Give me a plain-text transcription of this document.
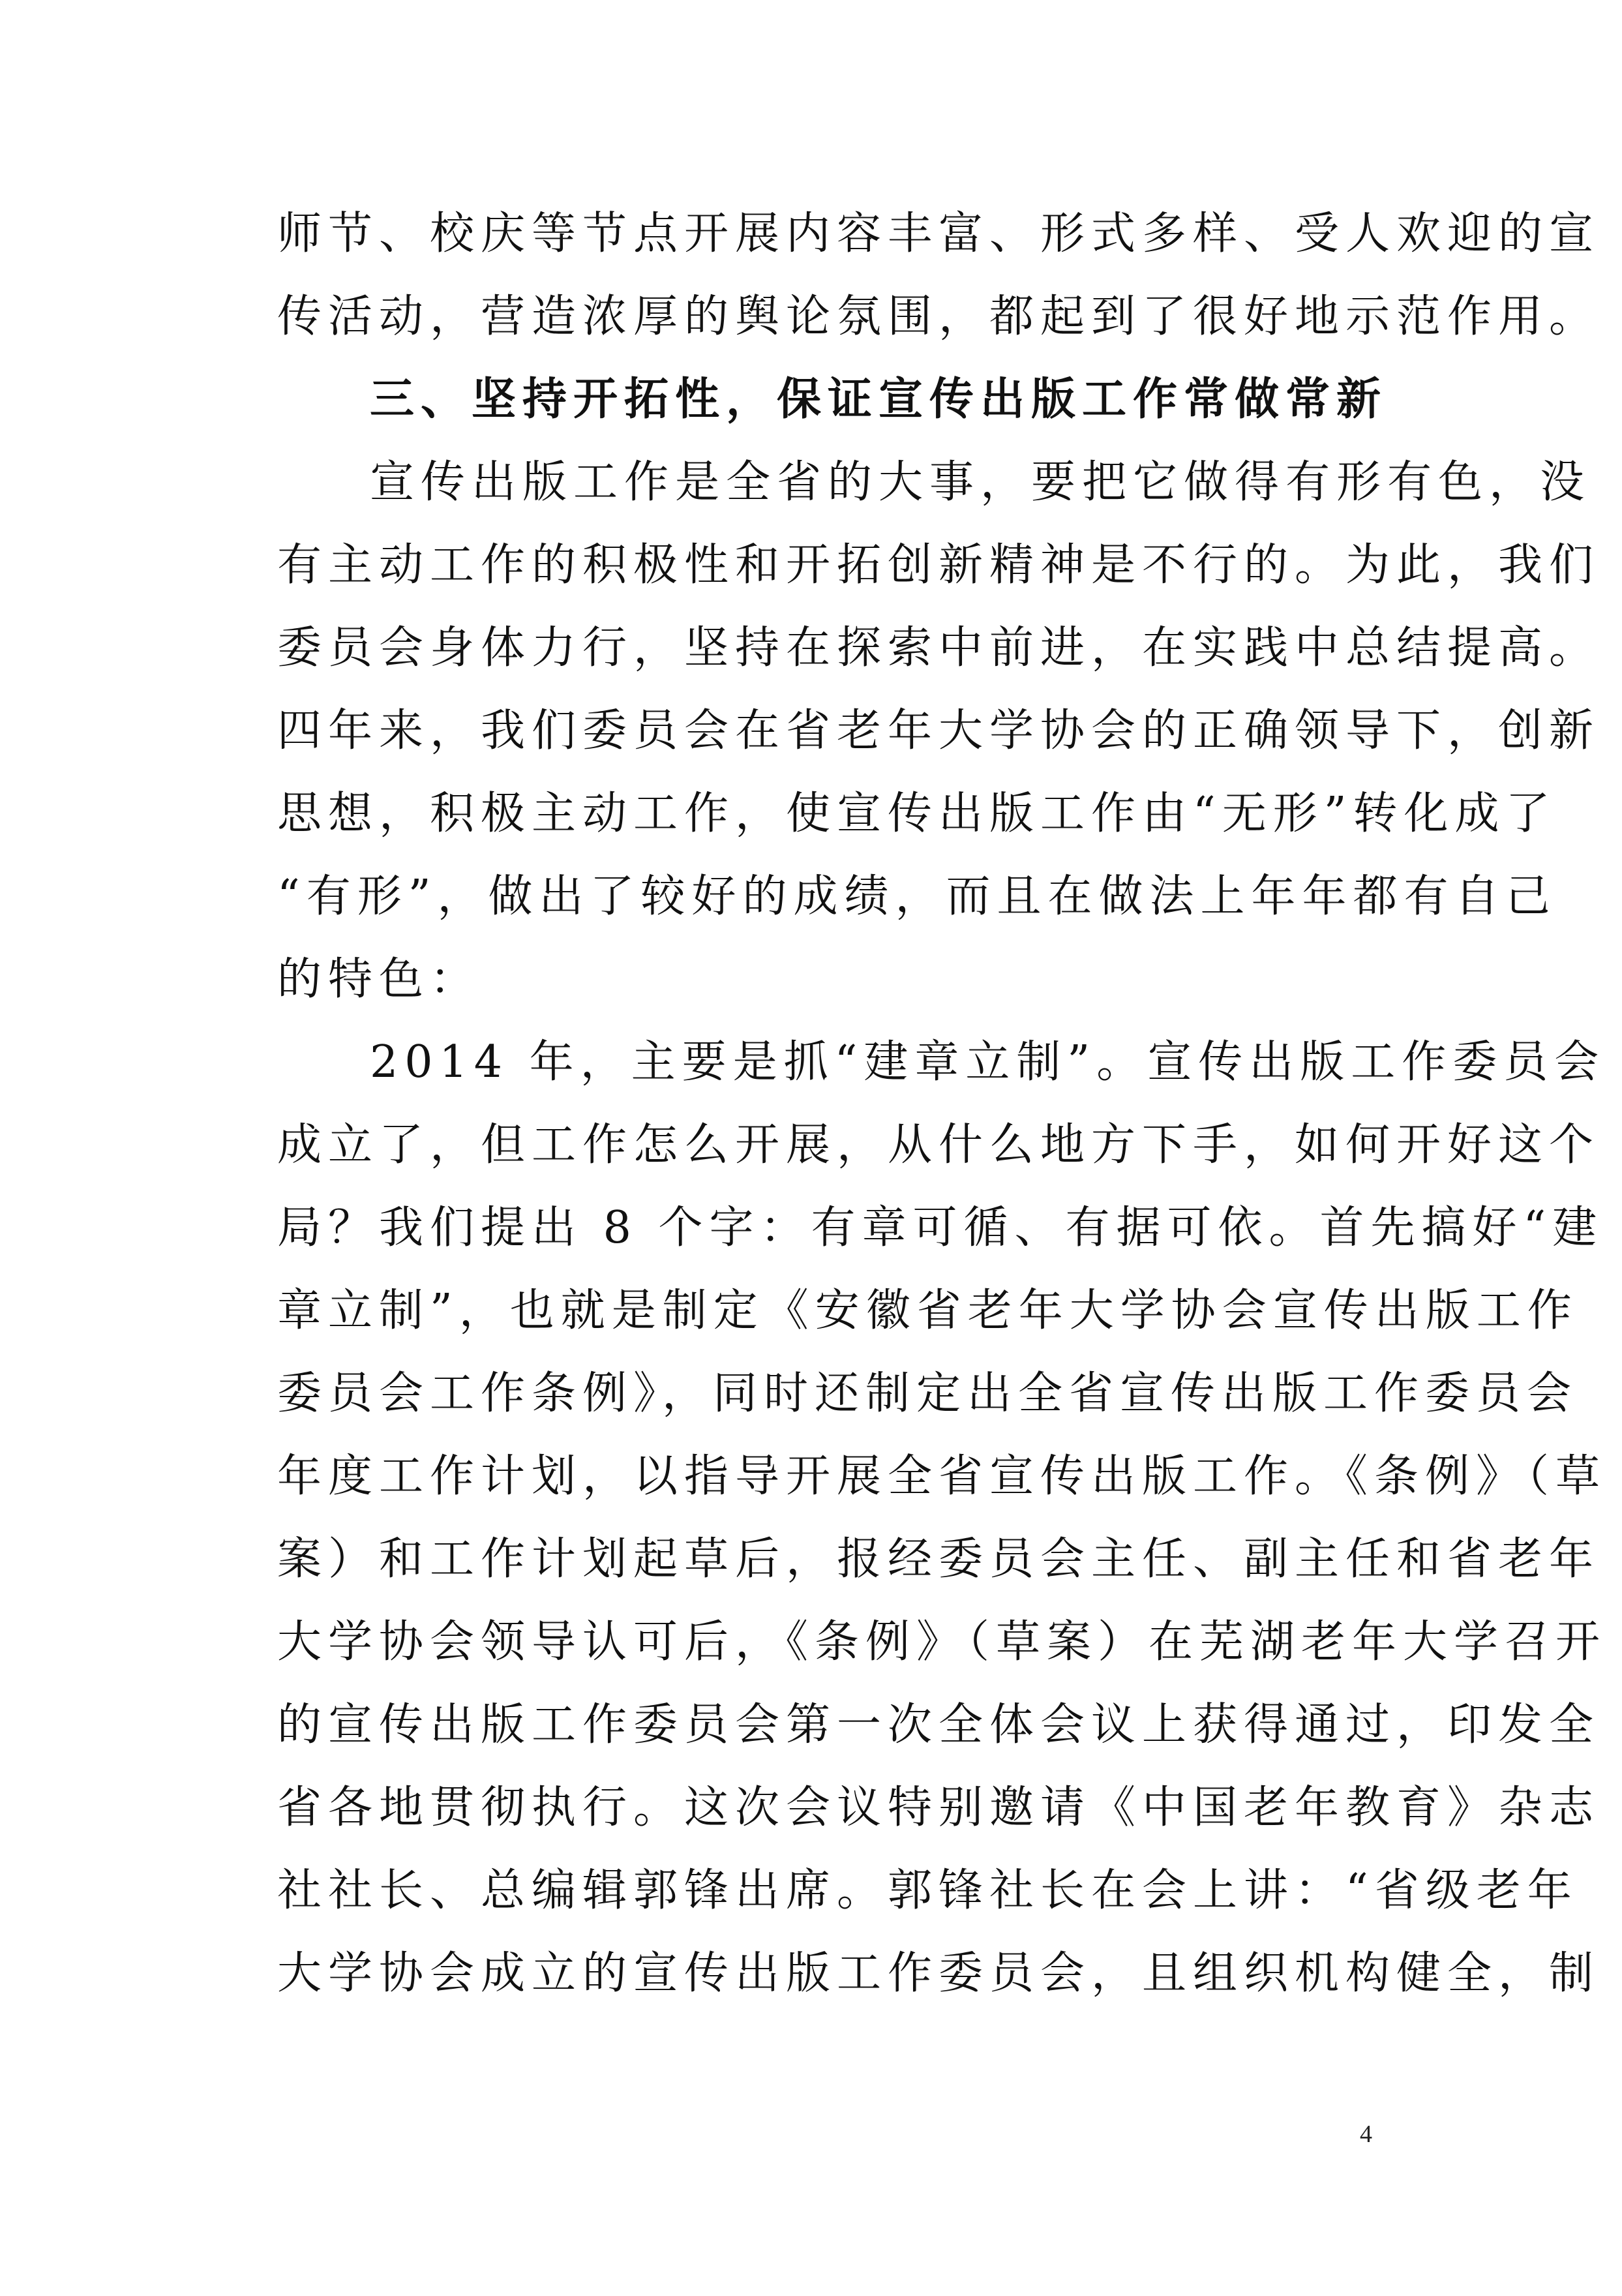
师节、校庆等节点开展内容丰富、形式多样、受人欢迎的宣
传活动，营造浓厚的舆论氛围，都起到了很好地示范作用。
三、坚持开拓性，保证宣传出版工作常做常新
宣传出版工作是全省的大事，要把它做得有形有色，没
有主动工作的积极性和开拓创新精神是不行的。为此，我们
委员会身体力行，坚持在探索中前进，在实践中总结提高。
四年来，我们委员会在省老年大学协会的正确领导下，创新
思想，积极主动工作，使宣传出版工作由“无形”转化成了
“有形”，做出了较好的成绩，而且在做法上年年都有自己
的特色：
2014 年，主要是抓“建章立制”。宣传出版工作委员会
成立了，但工作怎么开展，从什么地方下手，如何开好这个
局？我们提出 8 个字：有章可循、有据可依。首先搞好“建
章立制”，也就是制定《安徽省老年大学协会宣传出版工作
委员会工作条例》，同时还制定出全省宣传出版工作委员会
年度工作计划，以指导开展全省宣传出版工作。《条例》（草
案）和工作计划起草后，报经委员会主任、副主任和省老年
大学协会领导认可后，《条例》（草案）在芜湖老年大学召开
的宣传出版工作委员会第一次全体会议上获得通过，印发全
省各地贯彻执行。这次会议特别邀请《中国老年教育》杂志
社社长、总编辑郭锋出席。郭锋社长在会上讲：“省级老年
大学协会成立的宣传出版工作委员会，且组织机构健全，制
4
